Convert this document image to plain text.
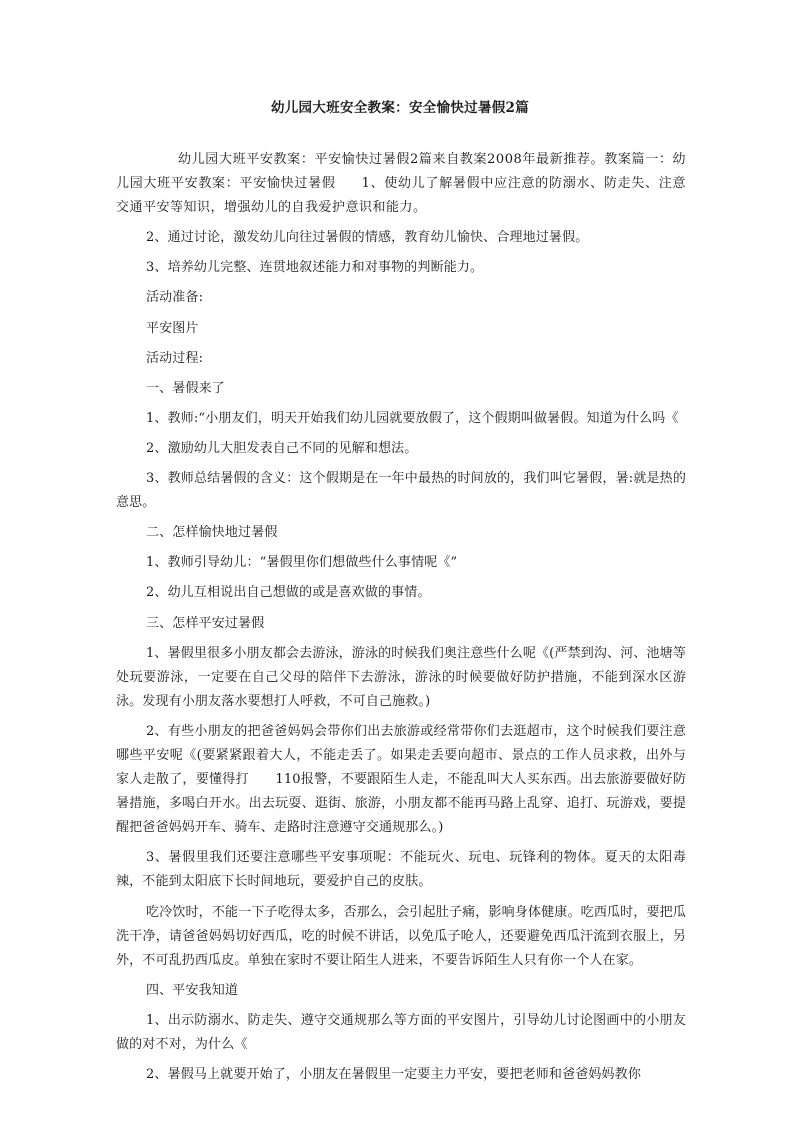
幼儿园大班安全教案：安全愉快过暑假2篇

幼儿园大班平安教案：平安愉快过暑假2篇来自教案2008年最新推荐。教案篇一：幼儿园大班平安教案：平安愉快过暑假 1、使幼儿了解暑假中应注意的防溺水、防走失、注意交通平安等知识，增强幼儿的自我爱护意识和能力。

2、通过讨论，激发幼儿向往过暑假的情感，教育幼儿愉快、合理地过暑假。

3、培养幼儿完整、连贯地叙述能力和对事物的判断能力。

活动准备:

平安图片

活动过程:

一、暑假来了

1、教师:“小朋友们，明天开始我们幼儿园就要放假了，这个假期叫做暑假。知道为什么吗《

2、激励幼儿大胆发表自己不同的见解和想法。

3、教师总结暑假的含义：这个假期是在一年中最热的时间放的，我们叫它暑假，暑:就是热的意思。

二、怎样愉快地过暑假

1、教师引导幼儿：“暑假里你们想做些什么事情呢《”

2、幼儿互相说出自己想做的或是喜欢做的事情。

三、怎样平安过暑假

1、暑假里很多小朋友都会去游泳，游泳的时候我们奥注意些什么呢《(严禁到沟、河、池塘等处玩要游泳，一定要在自己父母的陪伴下去游泳，游泳的时候要做好防护措施，不能到深水区游泳。发现有小朋友落水要想打人呼救，不可自己施救。)

2、有些小朋友的把爸爸妈妈会带你们出去旅游或经常带你们去逛超市，这个时候我们要注意哪些平安呢《(要紧紧跟着大人，不能走丢了。如果走丢要向超市、景点的工作人员求救，出外与家人走散了，要懂得打　　110报警，不要跟陌生人走，不能乱叫大人买东西。出去旅游要做好防暑措施，多喝白开水。出去玩耍、逛街、旅游，小朋友都不能再马路上乱穿、追打、玩游戏，要提醒把爸爸妈妈开车、骑车、走路时注意遵守交通规那么。)

3、暑假里我们还要注意哪些平安事项呢：不能玩火、玩电、玩锋利的物体。夏天的太阳毒辣，不能到太阳底下长时间地玩，要爱护自己的皮肤。

吃冷饮时，不能一下子吃得太多，否那么，会引起肚子痛，影响身体健康。吃西瓜时，要把瓜洗干净，请爸爸妈妈切好西瓜，吃的时候不讲话，以免瓜子呛人，还要避免西瓜汗流到衣服上，另外，不可乱扔西瓜皮。单独在家时不要让陌生人进来，不要告诉陌生人只有你一个人在家。

四、平安我知道

1、出示防溺水、防走失、遵守交通规那么等方面的平安图片，引导幼儿讨论图画中的小朋友做的对不对，为什么《

2、暑假马上就要开始了，小朋友在暑假里一定要主力平安，要把老师和爸爸妈妈教你
